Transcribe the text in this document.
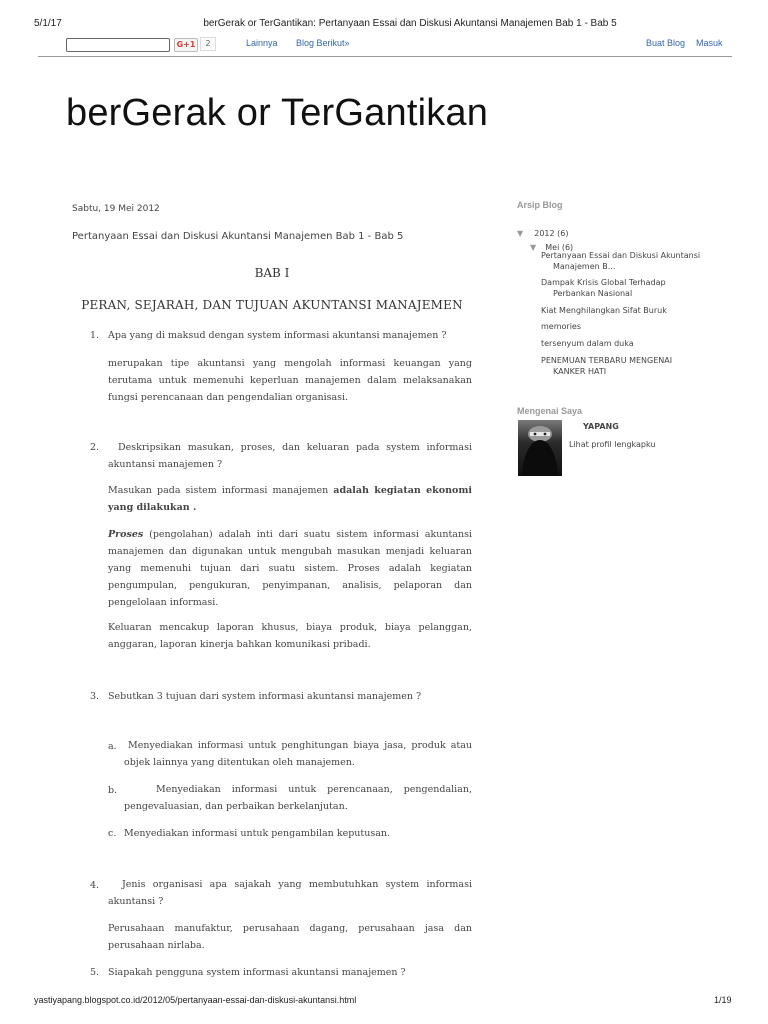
5/1/17	berGerak or TerGantikan: Pertanyaan Essai dan Diskusi Akuntansi Manajemen Bab 1 - Bab 5
G+1	2	Lainnya Blog Berikut»	Buat Blog Masuk
berGerak or TerGantikan
Sabtu, 19 Mei 2012
Pertanyaan Essai dan Diskusi Akuntansi Manajemen Bab 1 - Bab 5
BAB I
PERAN, SEJARAH, DAN TUJUAN AKUNTANSI MANAJEMEN
1. Apa yang di maksud dengan system informasi akuntansi manajemen ?
merupakan tipe akuntansi yang mengolah informasi keuangan yang terutama untuk memenuhi keperluan manajemen dalam melaksanakan fungsi perencanaan dan pengendalian organisasi.
2.	Deskripsikan masukan, proses, dan keluaran pada system informasi akuntansi manajemen ?
Masukan pada sistem informasi manajemen adalah kegiatan ekonomi yang dilakukan .
Proses (pengolahan) adalah inti dari suatu sistem informasi akuntansi manajemen dan digunakan untuk mengubah masukan menjadi keluaran yang memenuhi tujuan dari suatu sistem. Proses adalah kegiatan pengumpulan, pengukuran, penyimpanan, analisis, pelaporan dan pengelolaan informasi.
Keluaran mencakup laporan khusus, biaya produk, biaya pelanggan, anggaran, laporan kinerja bahkan komunikasi pribadi.
3. Sebutkan 3 tujuan dari system informasi akuntansi manajemen ?
a.	Menyediakan informasi untuk penghitungan biaya jasa, produk atau objek lainnya yang ditentukan oleh manajemen.
b.	Menyediakan informasi untuk perencanaan, pengendalian, pengevaluasian, dan perbaikan berkelanjutan.
c. Menyediakan informasi untuk pengambilan keputusan.
4.	Jenis organisasi apa sajakah yang membutuhkan system informasi akuntansi ?
Perusahaan manufaktur, perusahaan dagang, perusahaan jasa dan perusahaan nirlaba.
5. Siapakah pengguna system informasi akuntansi manajemen ?
Arsip Blog
▼ 2012 (6)
▼ Mei (6)
Pertanyaan Essai dan Diskusi Akuntansi Manajemen B...
Dampak Krisis Global Terhadap Perbankan Nasional
Kiat Menghilangkan Sifat Buruk
memories
tersenyum dalam duka
PENEMUAN TERBARU MENGENAI KANKER HATI
Mengenai Saya
YAPANG
Lihat profil lengkapku
yastiyapang.blogspot.co.id/2012/05/pertanyaan-essai-dan-diskusi-akuntansi.html	1/19
